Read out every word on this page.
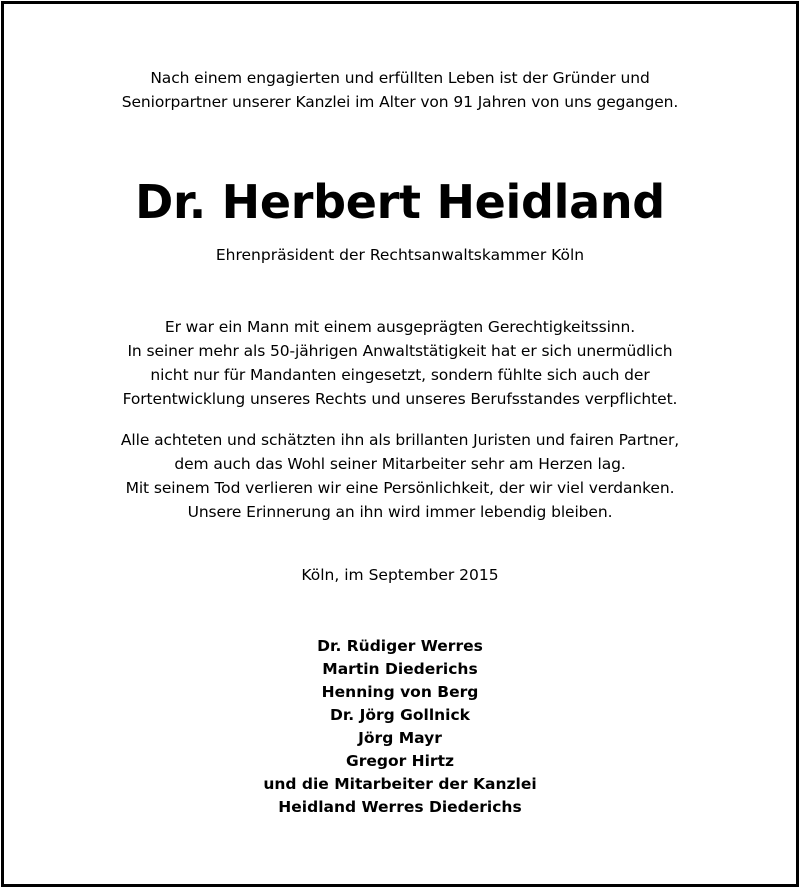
Nach einem engagierten und erfüllten Leben ist der Gründer und
Seniorpartner unserer Kanzlei im Alter von 91 Jahren von uns gegangen.

Dr. Herbert Heidland

Ehrenpräsident der Rechtsanwaltskammer Köln

Er war ein Mann mit einem ausgeprägten Gerechtigkeitssinn.
In seiner mehr als 50-jährigen Anwaltstätigkeit hat er sich unermüdlich
nicht nur für Mandanten eingesetzt, sondern fühlte sich auch der
Fortentwicklung unseres Rechts und unseres Berufsstandes verpflichtet.

Alle achteten und schätzten ihn als brillanten Juristen und fairen Partner,
dem auch das Wohl seiner Mitarbeiter sehr am Herzen lag.
Mit seinem Tod verlieren wir eine Persönlichkeit, der wir viel verdanken.
Unsere Erinnerung an ihn wird immer lebendig bleiben.

Köln, im September 2015

Dr. Rüdiger Werres
Martin Diederichs
Henning von Berg
Dr. Jörg Gollnick
Jörg Mayr
Gregor Hirtz
und die Mitarbeiter der Kanzlei
Heidland Werres Diederichs
